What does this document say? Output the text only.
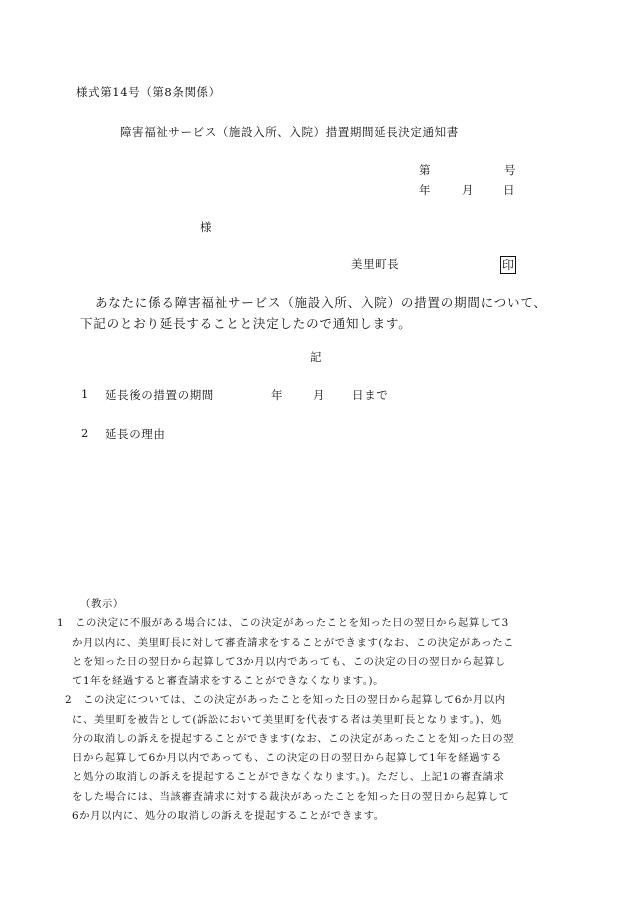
様式第14号（第8条関係）
障害福祉サービス（施設入所、入院）措置期間延長決定通知書
第	号
年	月	日
様
美里町長	印
あなたに係る障害福祉サービス（施設入所、入院）の措置の期間について、
下記のとおり延長することと決定したので通知します。
記
1 延長後の措置の期間	年	月 日まで
2 延長の理由

（教示）

1　この決定に不服がある場合には、この決定があったことを知った日の翌日から起算して3

か月以内に、美里町長に対して審査請求をすることができます(なお、この決定があったこ

とを知った日の翌日から起算して3か月以内であっても、この決定の日の翌日から起算し

て1年を経過すると審査請求をすることができなくなります。)。

2　この決定については、この決定があったことを知った日の翌日から起算して6か月以内

に、美里町を被告として(訴訟において美里町を代表する者は美里町長となります。)、処

分の取消しの訴えを提起することができます(なお、この決定があったことを知った日の翌

日から起算して6か月以内であっても、この決定の日の翌日から起算して1年を経過する

と処分の取消しの訴えを提起することができなくなります。)。ただし、上記1の審査請求

をした場合には、当該審査請求に対する裁決があったことを知った日の翌日から起算して

6か月以内に、処分の取消しの訴えを提起することができます。
